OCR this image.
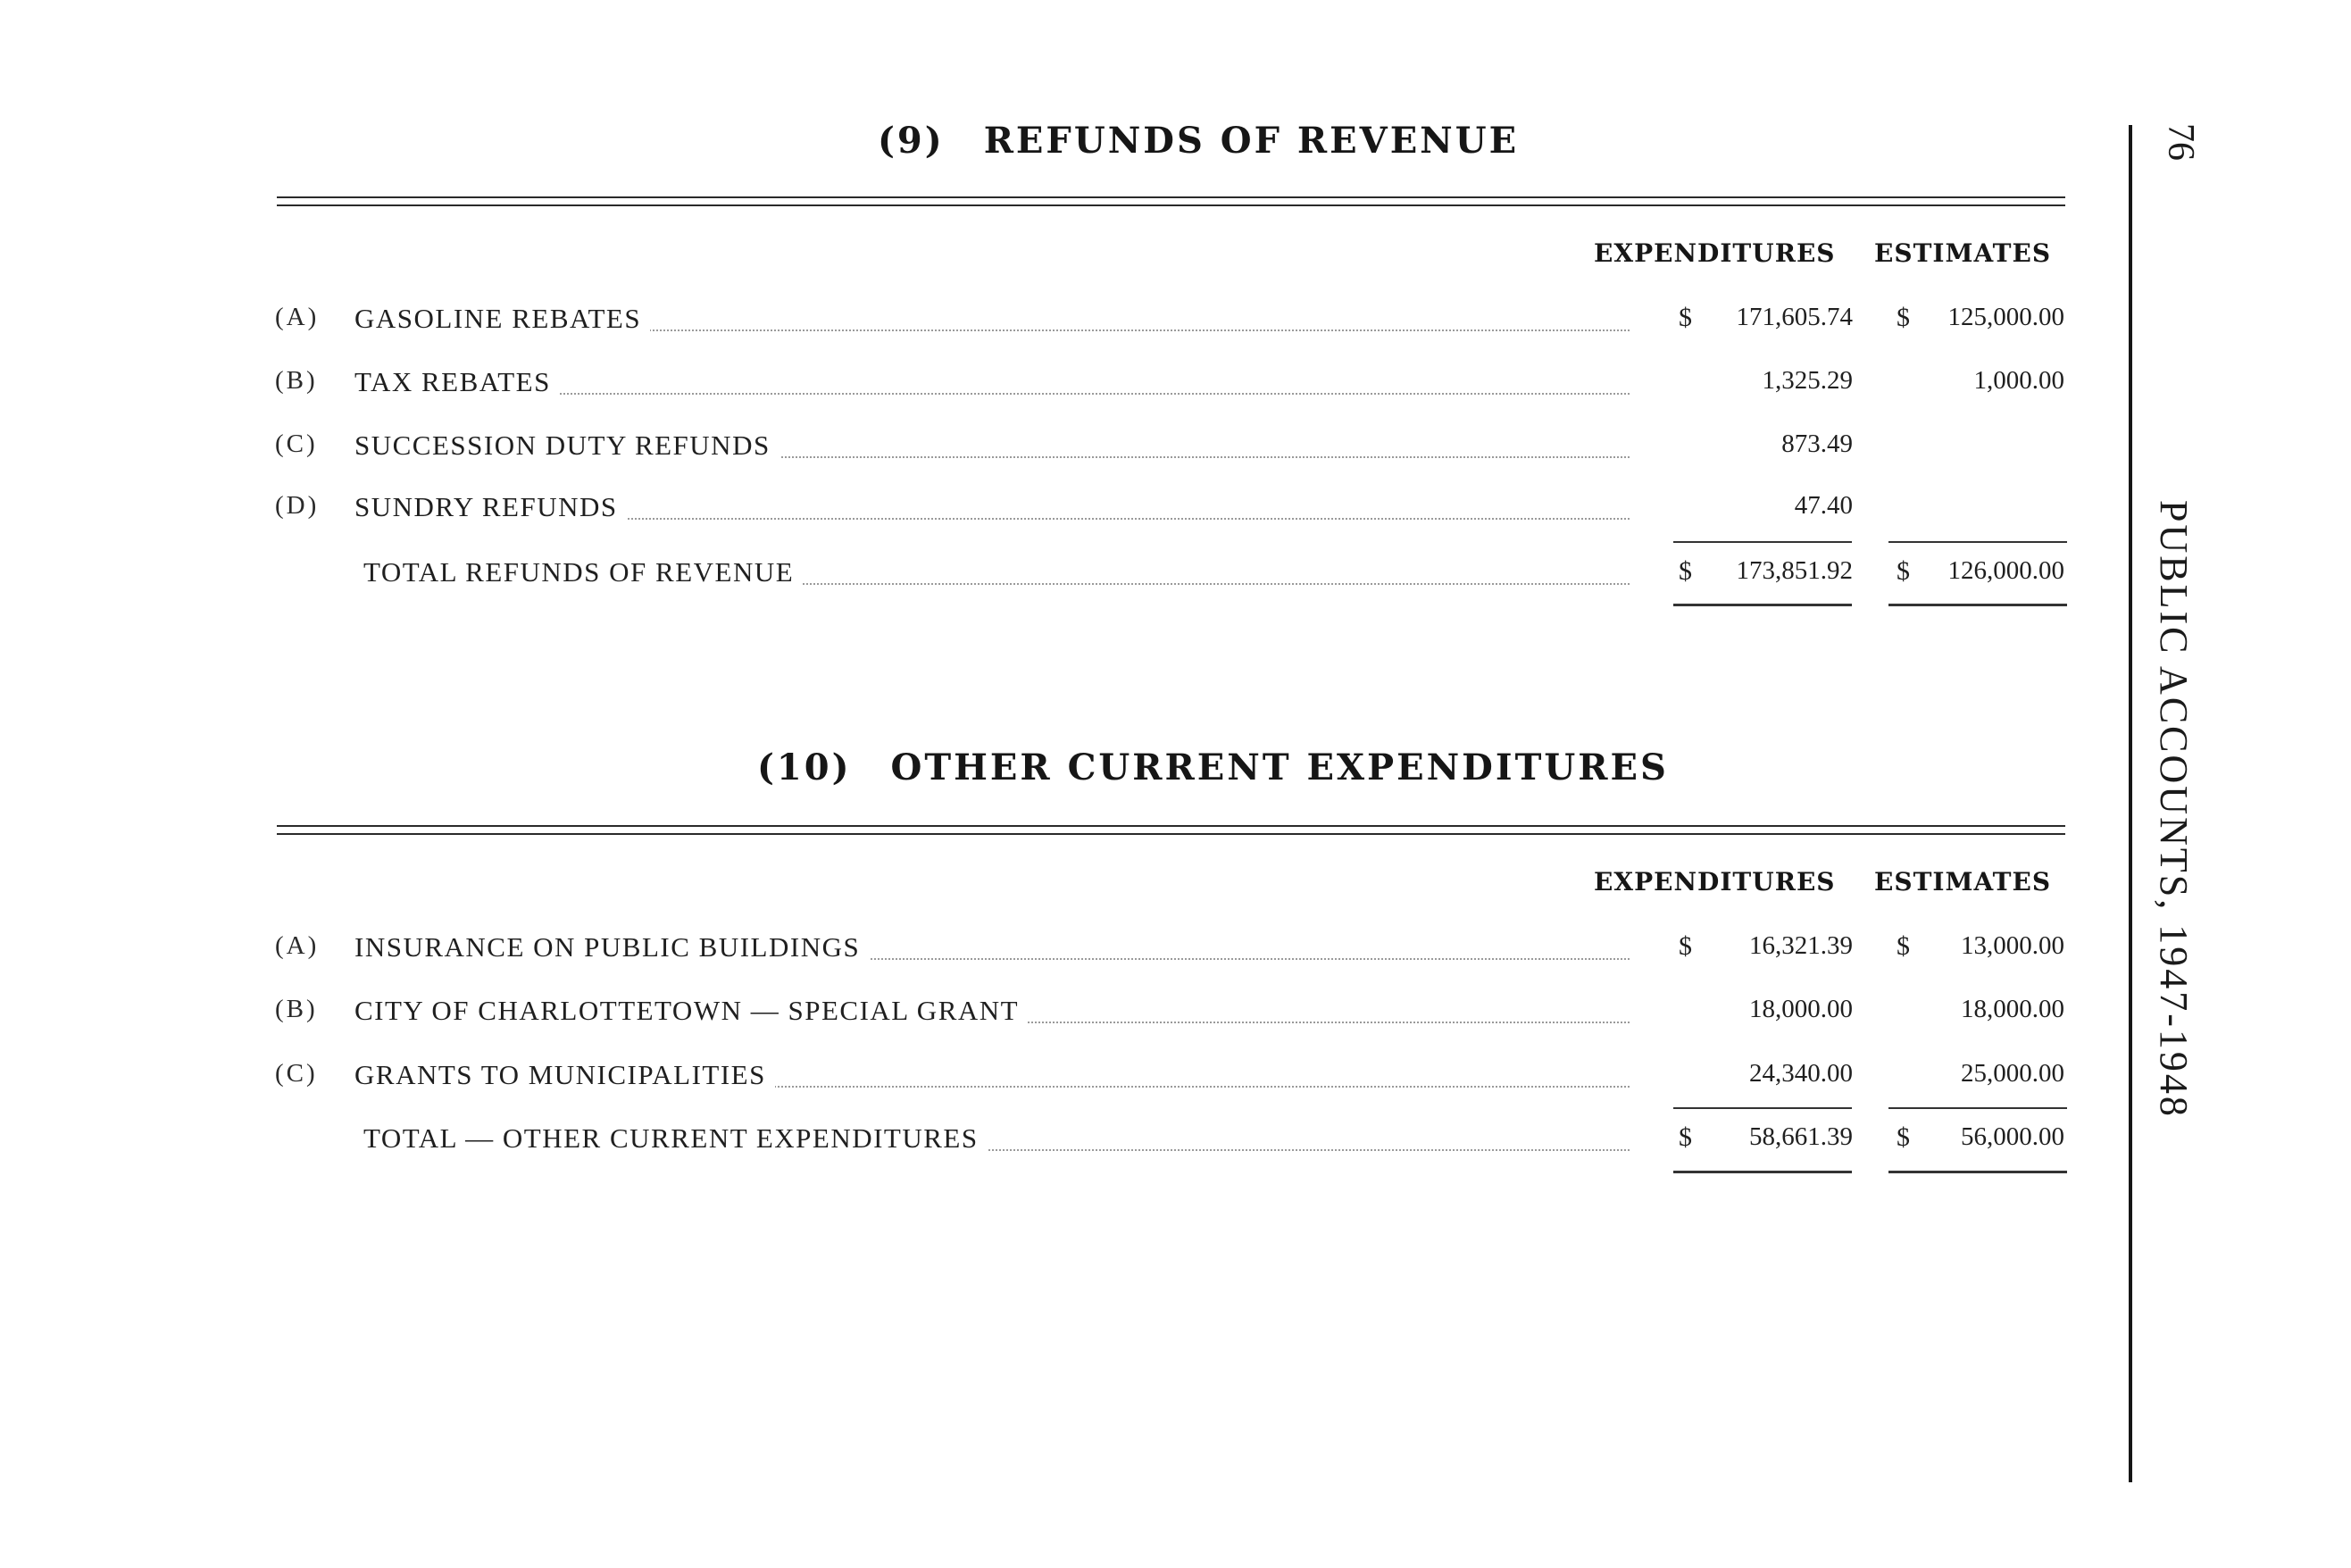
(9) REFUNDS OF REVENUE
EXPENDITURES ESTIMATES
(A) GASOLINE REBATES	$ 171,605.74 $ 125,000.00
(B) TAX REBATES	1,325.29	1,000.00
(C) SUCCESSION DUTY REFUNDS	873.49
(D) SUNDRY REFUNDS	47.40
TOTAL REFUNDS OF REVENUE	$ 173,851.92 $ 126,000.00
(10) OTHER CURRENT EXPENDITURES
EXPENDITURES ESTIMATES
(A) INSURANCE ON PUBLIC BUILDINGS	$ 16,321.39 $ 13,000.00
(B) CITY OF CHARLOTTETOWN — SPECIAL GRANT	18,000.00	18,000.00
(C) GRANTS TO MUNICIPALITIES	24,340.00	25,000.00
TOTAL — OTHER CURRENT EXPENDITURES	$ 58,661.39 $ 56,000.00
76
PUBLIC ACCOUNTS, 1947-1948
